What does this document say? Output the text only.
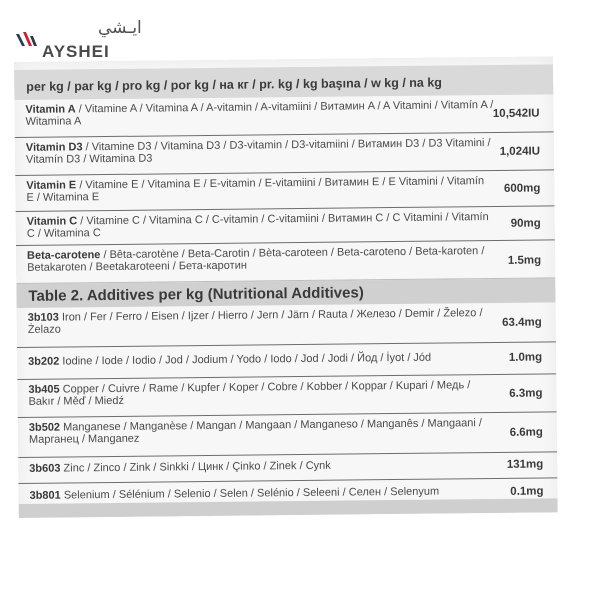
ايـشي
AYSHEI
per kg / par kg / pro kg / por kg / на кг / pr. kg / kg başına / w kg / na kg
Vitamin A / Vitamine A / Vitamina A / A-vitamin / A-vitamiini / Витамин A / A Vitamini / Vitamín A / Witamina A
10,542IU
Vitamin D3 / Vitamine D3 / Vitamina D3 / D3-vitamin / D3-vitamiini / Витамин D3 / D3 Vitamini / Vitamín D3 / Witamina D3
1,024IU
Vitamin E / Vitamine E / Vitamina E / E-vitamin / E-vitamiini / Витамин E / E Vitamini / Vitamín E / Witamina E
600mg
Vitamin C / Vitamine C / Vitamina C / C-vitamin / C-vitamiini / Витамин C / C Vitamini / Vitamín C / Witamina C
90mg
Beta-carotene / Bêta-carotène / Beta-Carotin / Bèta-caroteen / Beta-caroteno / Beta-karoten / Betakaroten / Beetakaroteeni / Бета-каротин	1.5mg
Table 2. Additives per kg (Nutritional Additives)
3b103 Iron / Fer / Ferro / Eisen / Ijzer / Hierro / Jern / Järn / Rauta / Железо / Demir / Železo / Żelazo
63.4mg
3b202 Iodine / Iode / Iodio / Jod / Jodium / Yodo / Iodo / Jod / Jodi / Йод / İyot / Jód	1.0mg
3b405 Copper / Cuivre / Rame / Kupfer / Koper / Cobre / Kobber / Koppar / Kupari / Медь / Bakır / Měď / Miedź
6.3mg
3b502 Manganese / Manganèse / Mangan / Mangaan / Manganeso / Manganês / Mangaani / Марганец / Manganez
6.6mg
3b603 Zinc / Zinco / Zink / Sinkki / Цинк / Çinko / Zinek / Cynk	131mg
3b801 Selenium / Sélénium / Selenio / Selen / Selénio / Seleeni / Селен / Selenyum	0.1mg
